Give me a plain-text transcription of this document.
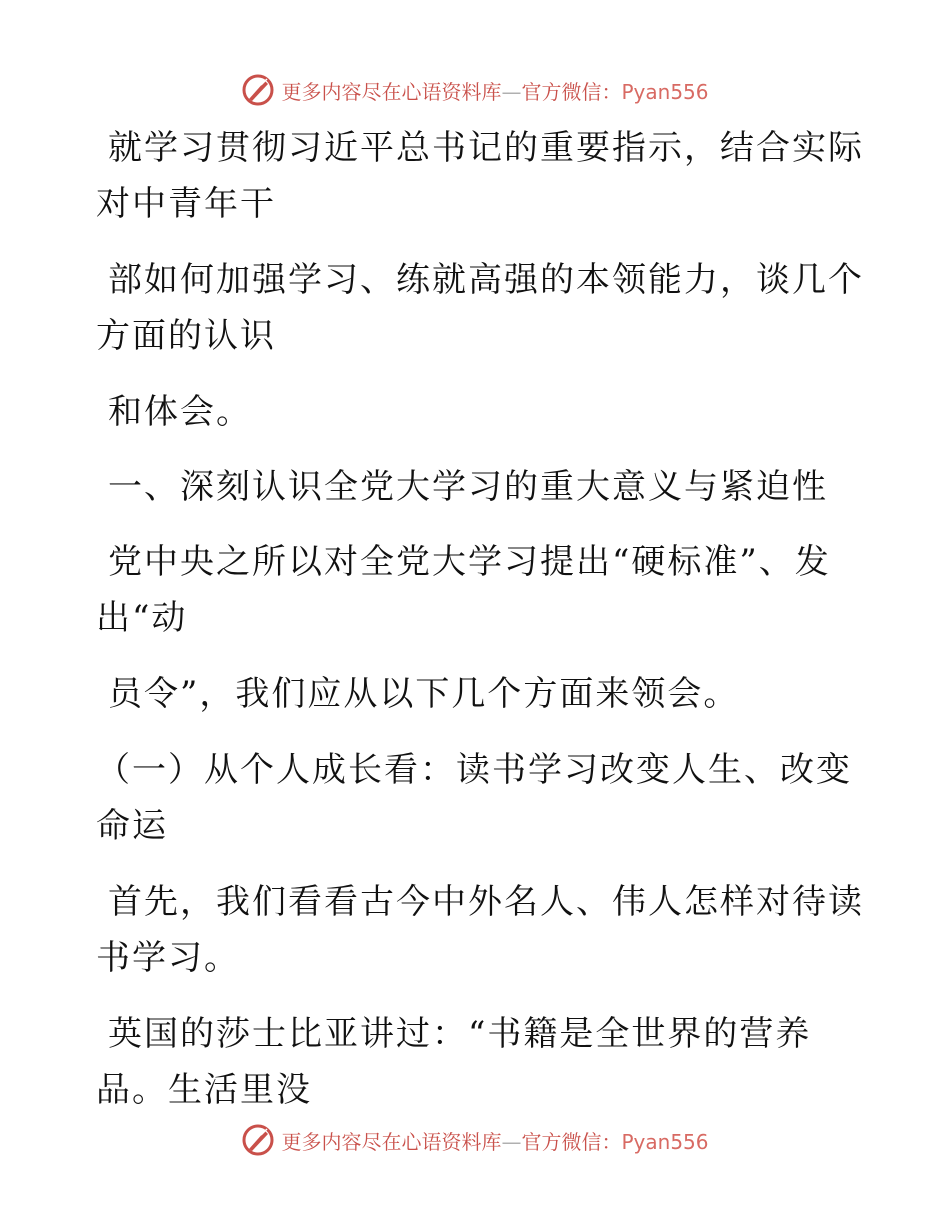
更多内容尽在心语资料库—官方微信：Pyan556
就学习贯彻习近平总书记的重要指示，结合实际
对中青年干
部如何加强学习、练就高强的本领能力，谈几个
方面的认识
和体会。
一、深刻认识全党大学习的重大意义与紧迫性
党中央之所以对全党大学习提出“硬标准”、发
出“动
员令”，我们应从以下几个方面来领会。
（一）从个人成长看：读书学习改变人生、改变
命运
首先，我们看看古今中外名人、伟人怎样对待读
书学习。
英国的莎士比亚讲过：“书籍是全世界的营养
品。生活里没
更多内容尽在心语资料库—官方微信：Pyan556
